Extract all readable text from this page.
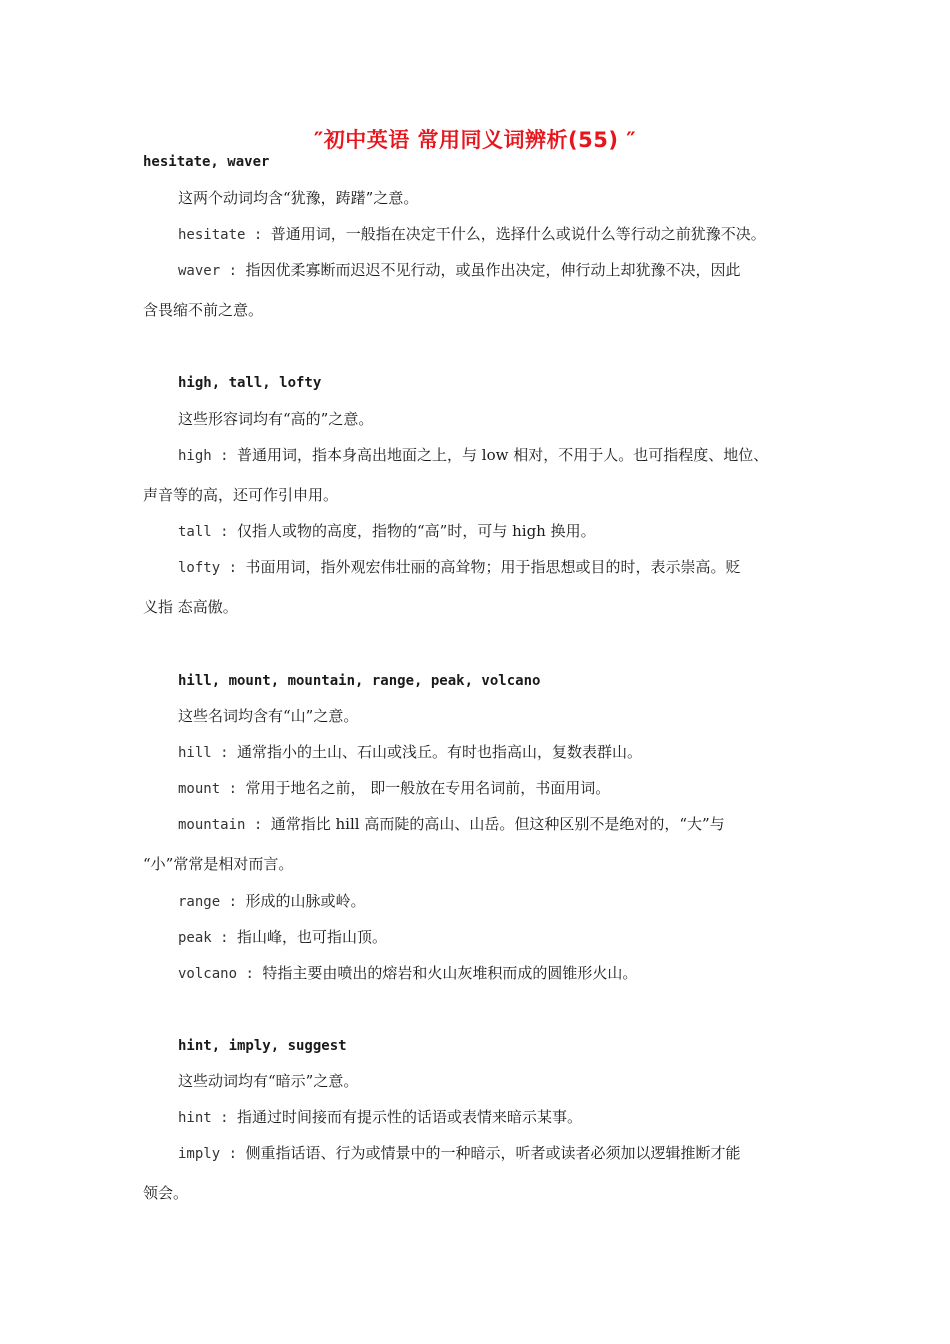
″初中英语 常用同义词辨析(55) ″
hesitate, waver
这两个动词均含“犹豫，踌躇”之意。
hesitate : 普通用词，一般指在决定干什么，选择什么或说什么等行动之前犹豫不决。
waver : 指因优柔寡断而迟迟不见行动，或虽作出决定，伸行动上却犹豫不决，因此
含畏缩不前之意。
high, tall, lofty
这些形容词均有“高的”之意。
high : 普通用词，指本身高出地面之上，与 low 相对，不用于人。也可指程度、地位、
声音等的高，还可作引申用。
tall : 仅指人或物的高度，指物的“高”时，可与 high 换用。
lofty : 书面用词，指外观宏伟壮丽的高耸物；用于指思想或目的时，表示崇高。贬
义指 态高傲。
hill, mount, mountain, range, peak, volcano
这些名词均含有“山”之意。
hill : 通常指小的土山、石山或浅丘。有时也指高山，复数表群山。
mount : 常用于地名之前， 即一般放在专用名词前，书面用词。
mountain : 通常指比 hill 高而陡的高山、山岳。但这种区别不是绝对的，“大”与
“小”常常是相对而言。
range : 形成的山脉或岭。
peak : 指山峰，也可指山顶。
volcano : 特指主要由喷出的熔岩和火山灰堆积而成的圆锥形火山。
hint, imply, suggest
这些动词均有“暗示”之意。
hint : 指通过时间接而有提示性的话语或表情来暗示某事。
imply : 侧重指话语、行为或情景中的一种暗示，听者或读者必须加以逻辑推断才能
领会。
